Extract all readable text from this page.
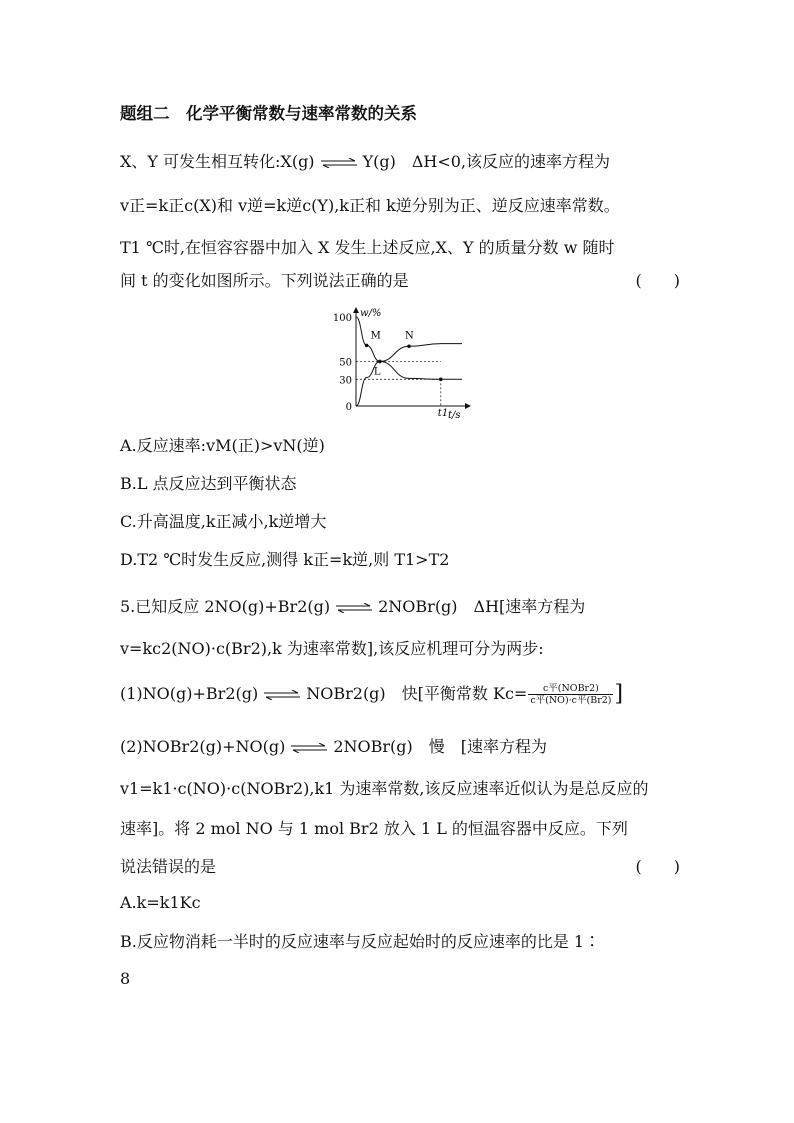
题组二　化学平衡常数与速率常数的关系
X、Y 可发生相互转化:X(g) ⇌ Y(g)　ΔH<0,该反应的速率方程为
v正=k正c(X)和 v逆=k逆c(Y),k正和 k逆分别为正、逆反应速率常数。
T1 ℃时,在恒容容器中加入 X 发生上述反应,X、Y 的质量分数 w 随时
间 t 的变化如图所示。下列说法正确的是	(　　)
w/%
t/s
100
50
30
0
M N
L
t1
A.反应速率:vM(正)>vN(逆)
B.L 点反应达到平衡状态
C.升高温度,k正减小,k逆增大
D.T2 ℃时发生反应,测得 k正=k逆,则 T1>T2
5.已知反应 2NO(g)+Br2(g) ⇌ 2NOBr(g)　ΔH[速率方程为
v=kc2(NO)·c(Br2),k 为速率常数],该反应机理可分为两步:
(1)NO(g)+Br2(g) ⇌ NOBr2(g)　快[平衡常数 $Kc= \frac{\text{c平(NOBr2)}}{\text{c平(NO)·c平(Br2)}}$ ]
(2)NOBr2(g)+NO(g) ⇌ 2NOBr(g)　慢　[速率方程为
v1=k1·c(NO)·c(NOBr2),k1 为速率常数,该反应速率近似认为是总反应的
速率]。将 2 mol NO 与 1 mol Br2 放入 1 L 的恒温容器中反应。下列
说法错误的是	(　　)
A.k=k1Kc
B.反应物消耗一半时的反应速率与反应起始时的反应速率的比是 1∶
8
